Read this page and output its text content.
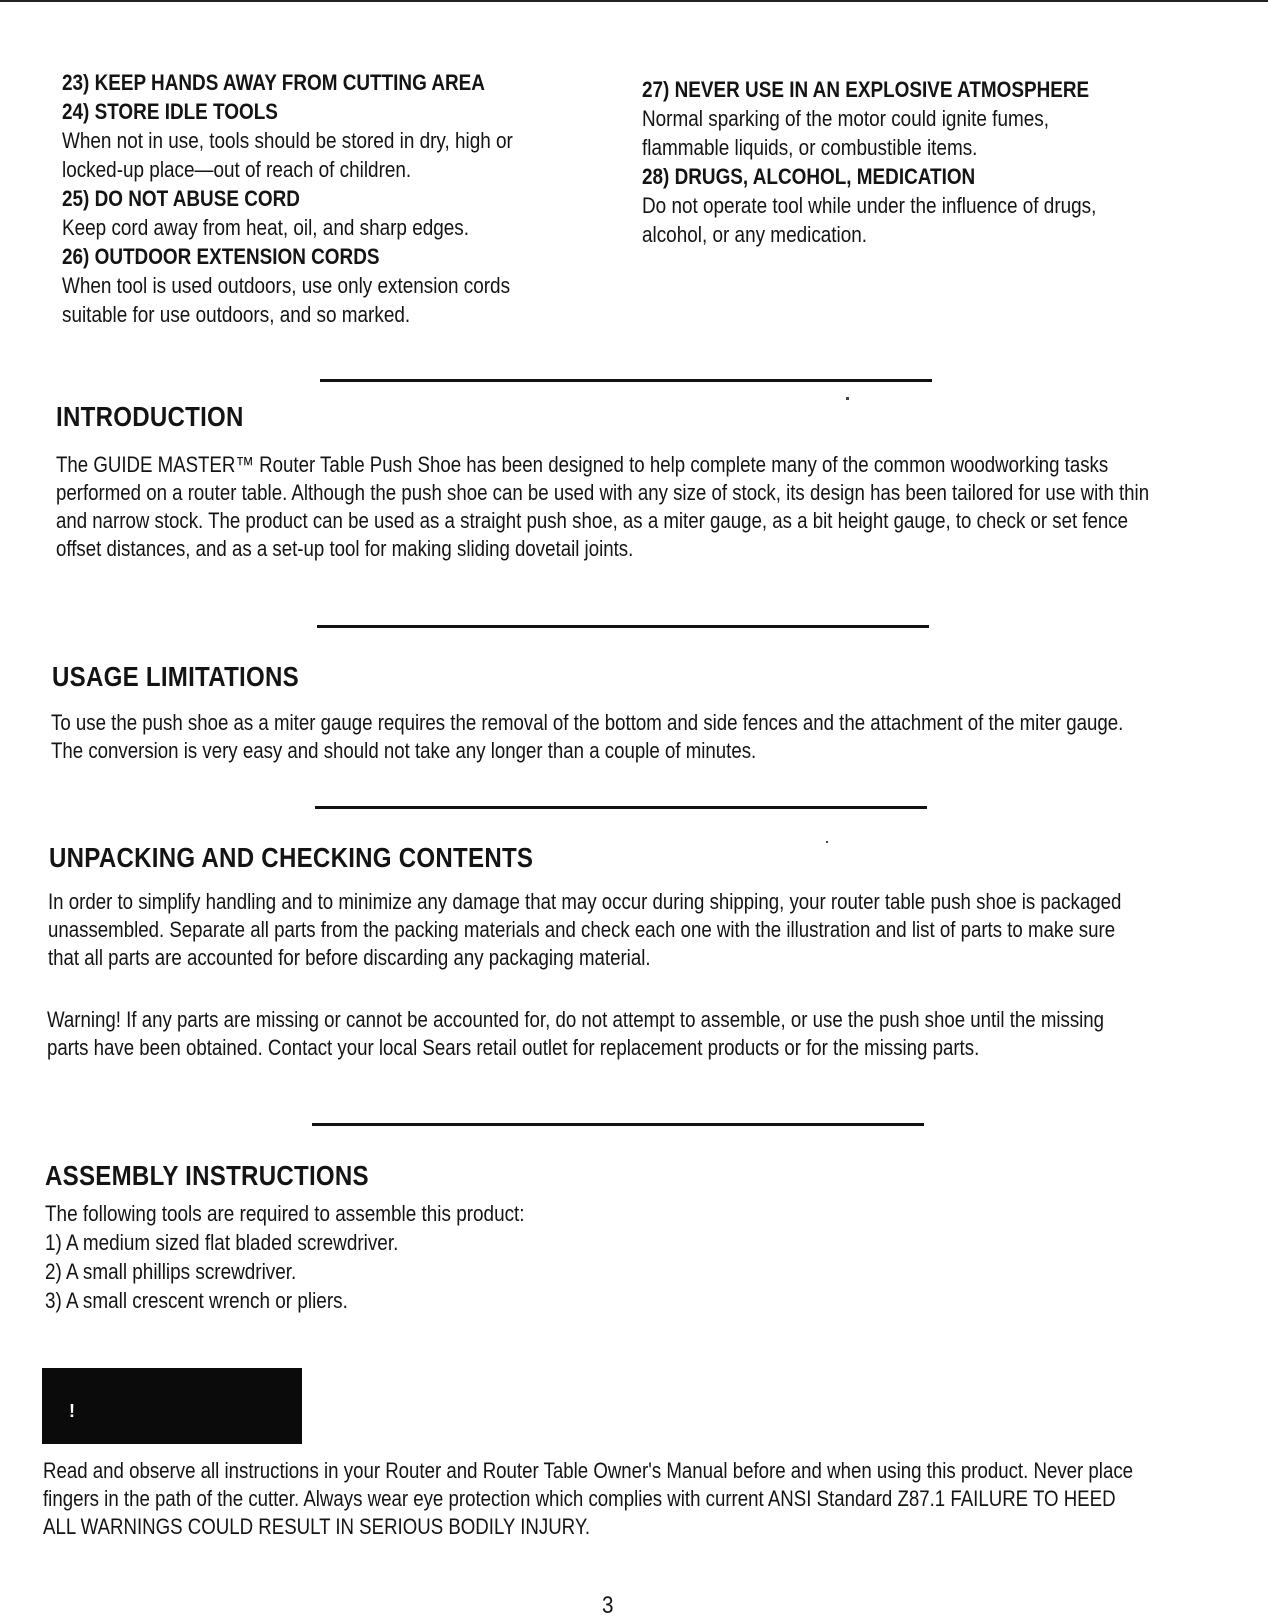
23) KEEP HANDS AWAY FROM CUTTING AREA

24) STORE IDLE TOOLS

When not in use, tools should be stored in dry, high or

locked-up place—out of reach of children.

25) DO NOT ABUSE CORD

Keep cord away from heat, oil, and sharp edges.

26) OUTDOOR EXTENSION CORDS

When tool is used outdoors, use only extension cords

suitable for use outdoors, and so marked.

27) NEVER USE IN AN EXPLOSIVE ATMOSPHERE

Normal sparking of the motor could ignite fumes,

flammable liquids, or combustible items.

28) DRUGS, ALCOHOL, MEDICATION

Do not operate tool while under the influence of drugs,

alcohol, or any medication.

INTRODUCTION

The GUIDE MASTER™ Router Table Push Shoe has been designed to help complete many of the common woodworking tasks performed on a router table. Although the push shoe can be used with any size of stock, its design has been tailored for use with thin and narrow stock. The product can be used as a straight push shoe, as a miter gauge, as a bit height gauge, to check or set fence offset distances, and as a set-up tool for making sliding dovetail joints.

USAGE LIMITATIONS

To use the push shoe as a miter gauge requires the removal of the bottom and side fences and the attachment of the miter gauge. The conversion is very easy and should not take any longer than a couple of minutes.

UNPACKING AND CHECKING CONTENTS

In order to simplify handling and to minimize any damage that may occur during shipping, your router table push shoe is packaged unassembled. Separate all parts from the packing materials and check each one with the illustration and list of parts to make sure that all parts are accounted for before discarding any packaging material.

Warning! If any parts are missing or cannot be accounted for, do not attempt to assemble, or use the push shoe until the missing parts have been obtained. Contact your local Sears retail outlet for replacement products or for the missing parts.

ASSEMBLY INSTRUCTIONS

The following tools are required to assemble this product:

1) A medium sized flat bladed screwdriver.

2) A small phillips screwdriver.

3) A small crescent wrench or pliers.

!

Read and observe all instructions in your Router and Router Table Owner's Manual before and when using this product. Never place fingers in the path of the cutter. Always wear eye protection which complies with current ANSI Standard Z87.1 FAILURE TO HEED ALL WARNINGS COULD RESULT IN SERIOUS BODILY INJURY.

3
